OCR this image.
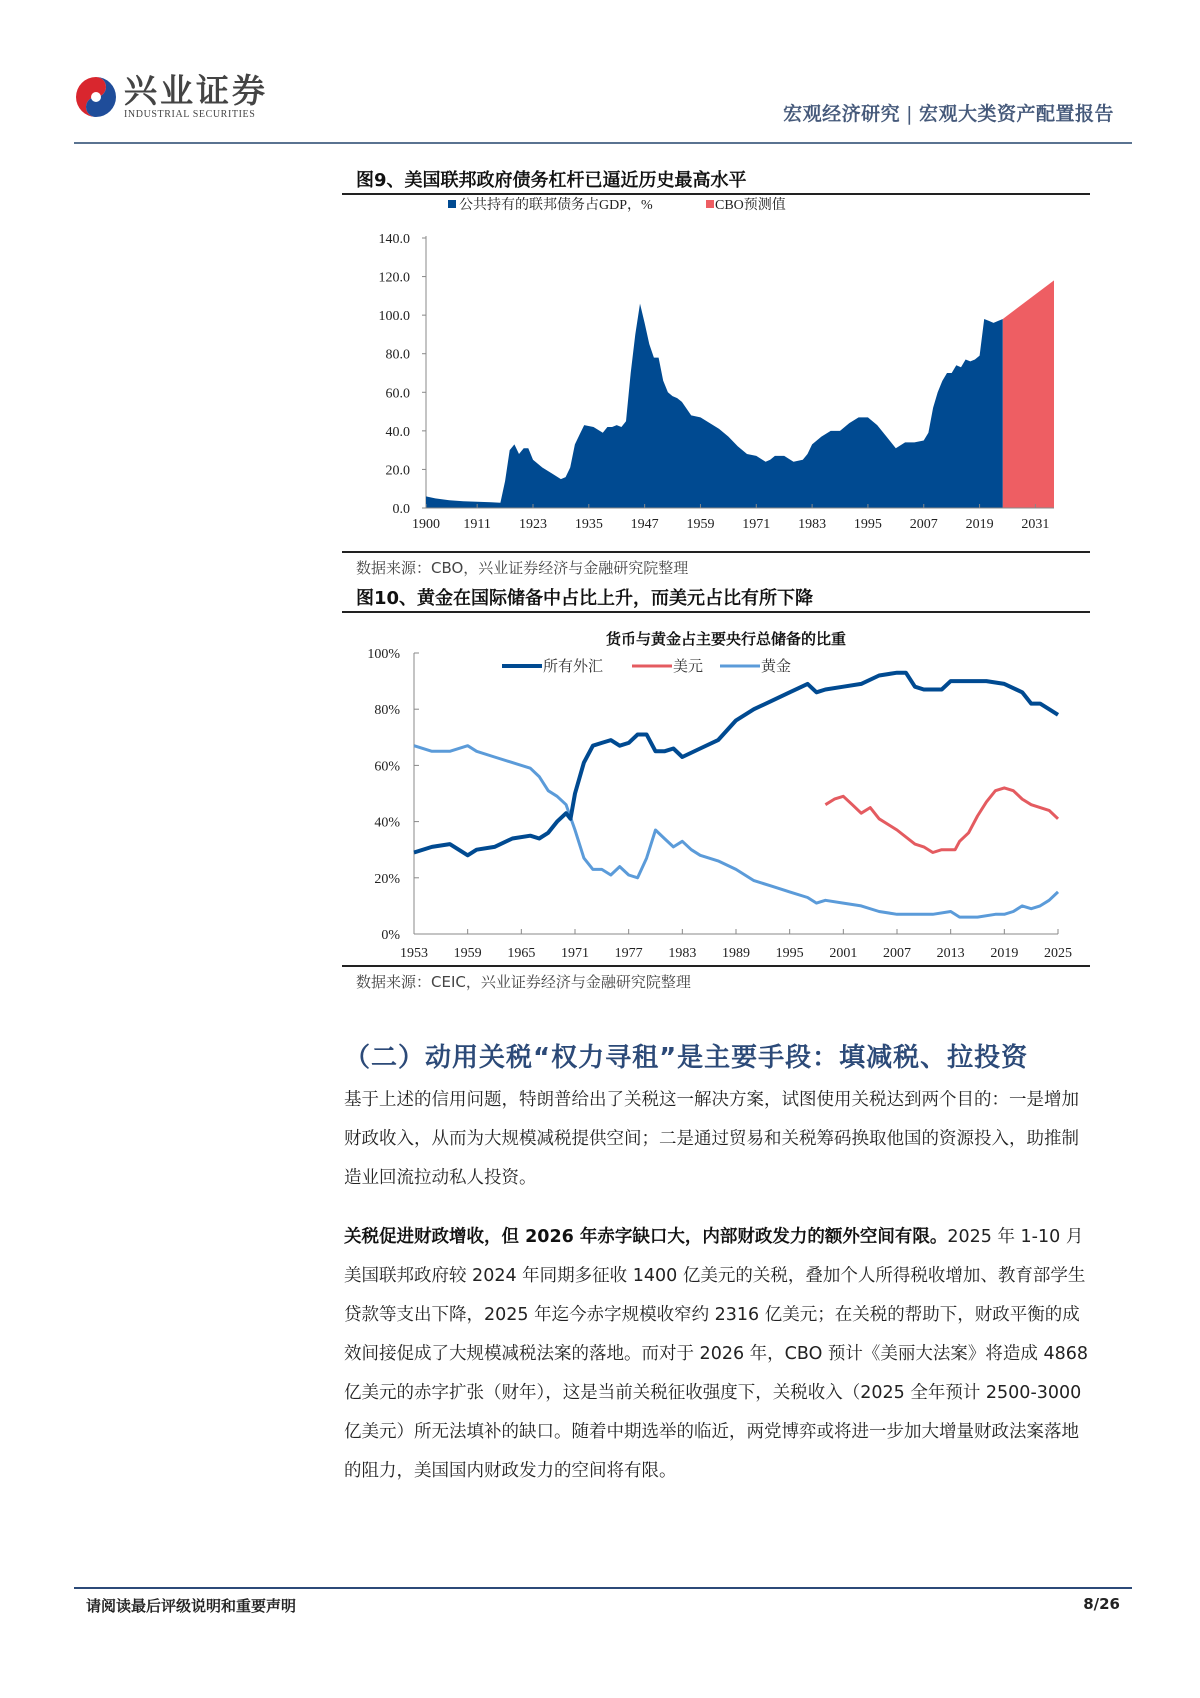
兴业证券
INDUSTRIAL SECURITIES	宏观经济研究 | 宏观大类资产配置报告
图9、美国联邦政府债务杠杆已逼近历史最高水平
公共持有的联邦债务占GDP，%	CBO预测值
0.0
20.0
40.0
60.0
80.0
100.0
120.0
140.0
1900 1911 1923 1935 1947 1959 1971 1983 1995 2007 2019 2031
数据来源：CBO，兴业证券经济与金融研究院整理
图10、黄金在国际储备中占比上升，而美元占比有所下降
货币与黄金占主要央行总储备的比重
所有外汇	美元	黄金
0%
20%
40%
60%
80%
100%
1953 1959 1965 1971 1977 1983 1989 1995 2001 2007 2013 2019 2025
数据来源：CEIC，兴业证券经济与金融研究院整理
（二）动用关税“权力寻租”是主要手段：填减税、拉投资
基于上述的信用问题，特朗普给出了关税这一解决方案，试图使用关税达到两个目的：一是增加财政收入，从而为大规模减税提供空间；二是通过贸易和关税筹码换取他国的资源投入，助推制造业回流拉动私人投资。
关税促进财政增收，但 2026 年赤字缺口大，内部财政发力的额外空间有限。2025 年 1-10 月美国联邦政府较 2024 年同期多征收 1400 亿美元的关税，叠加个人所得税收增加、教育部学生贷款等支出下降，2025 年迄今赤字规模收窄约 2316 亿美元；在关税的帮助下，财政平衡的成效间接促成了大规模减税法案的落地。而对于 2026 年，CBO 预计《美丽大法案》将造成 4868 亿美元的赤字扩张（财年），这是当前关税征收强度下，关税收入（2025 全年预计 2500-3000 亿美元）所无法填补的缺口。随着中期选举的临近，两党博弈或将进一步加大增量财政法案落地的阻力，美国国内财政发力的空间将有限。
请阅读最后评级说明和重要声明	8/26
